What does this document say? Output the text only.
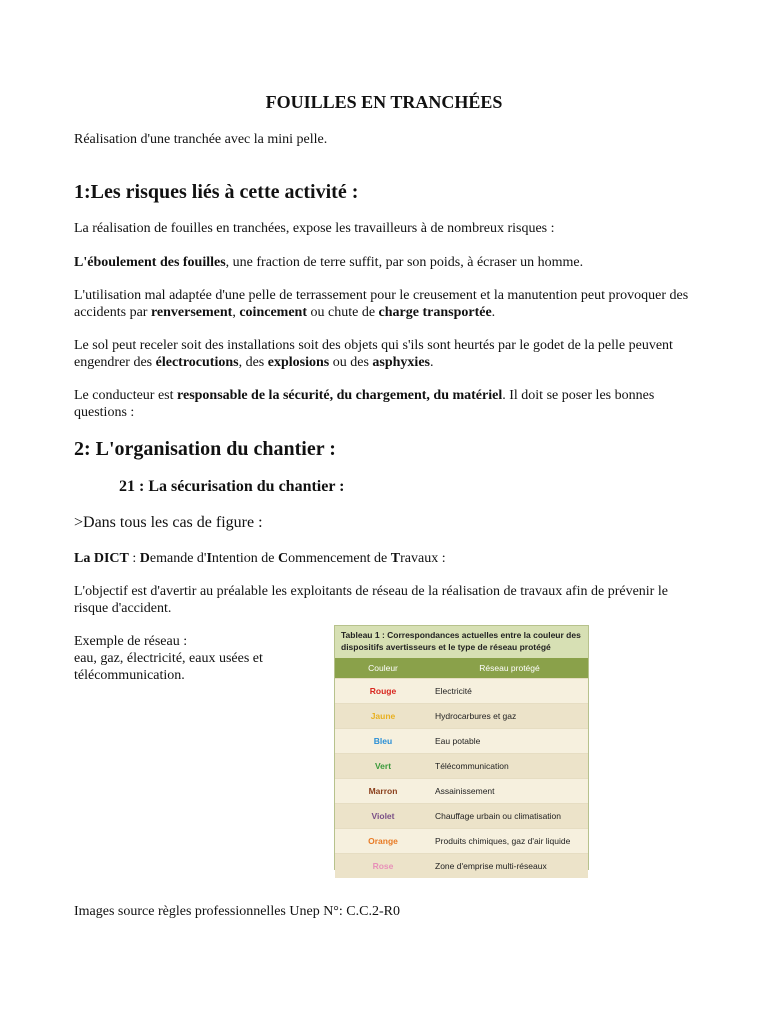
FOUILLES EN TRANCHÉES
Réalisation d'une tranchée avec la mini pelle.
1:Les risques liés à cette activité :
La réalisation de fouilles en tranchées, expose les travailleurs à de nombreux risques :
L'éboulement des fouilles, une fraction de terre suffit, par son poids, à écraser un homme.
L'utilisation mal adaptée d'une pelle de terrassement pour le creusement et la manutention peut provoquer des accidents par renversement, coincement ou chute de charge transportée.
Le sol peut receler soit des installations soit des objets qui s'ils sont heurtés par le godet de la pelle peuvent engendrer des électrocutions, des explosions ou des asphyxies.
Le conducteur est responsable de la sécurité, du chargement, du matériel. Il doit se poser les bonnes questions :
2: L'organisation du chantier :
21 : La sécurisation du chantier :
>Dans tous les cas de figure :
La DICT : Demande d'Intention de Commencement de Travaux :
L'objectif est d'avertir au préalable les exploitants de réseau de la réalisation de travaux afin de prévenir le risque d'accident.
Exemple de réseau :
eau, gaz, électricité, eaux usées et télécommunication.
Tableau 1 : Correspondances actuelles entre la couleur des dispositifs avertisseurs et le type de réseau protégé
Couleur	Réseau protégé
Rouge	Electricité
Jaune	Hydrocarbures et gaz
Bleu	Eau potable
Vert	Télécommunication
Marron	Assainissement
Violet	Chauffage urbain ou climatisation
Orange	Produits chimiques, gaz d'air liquide
Rose	Zone d'emprise multi-réseaux
Images source règles professionnelles Unep N°: C.C.2-R0
